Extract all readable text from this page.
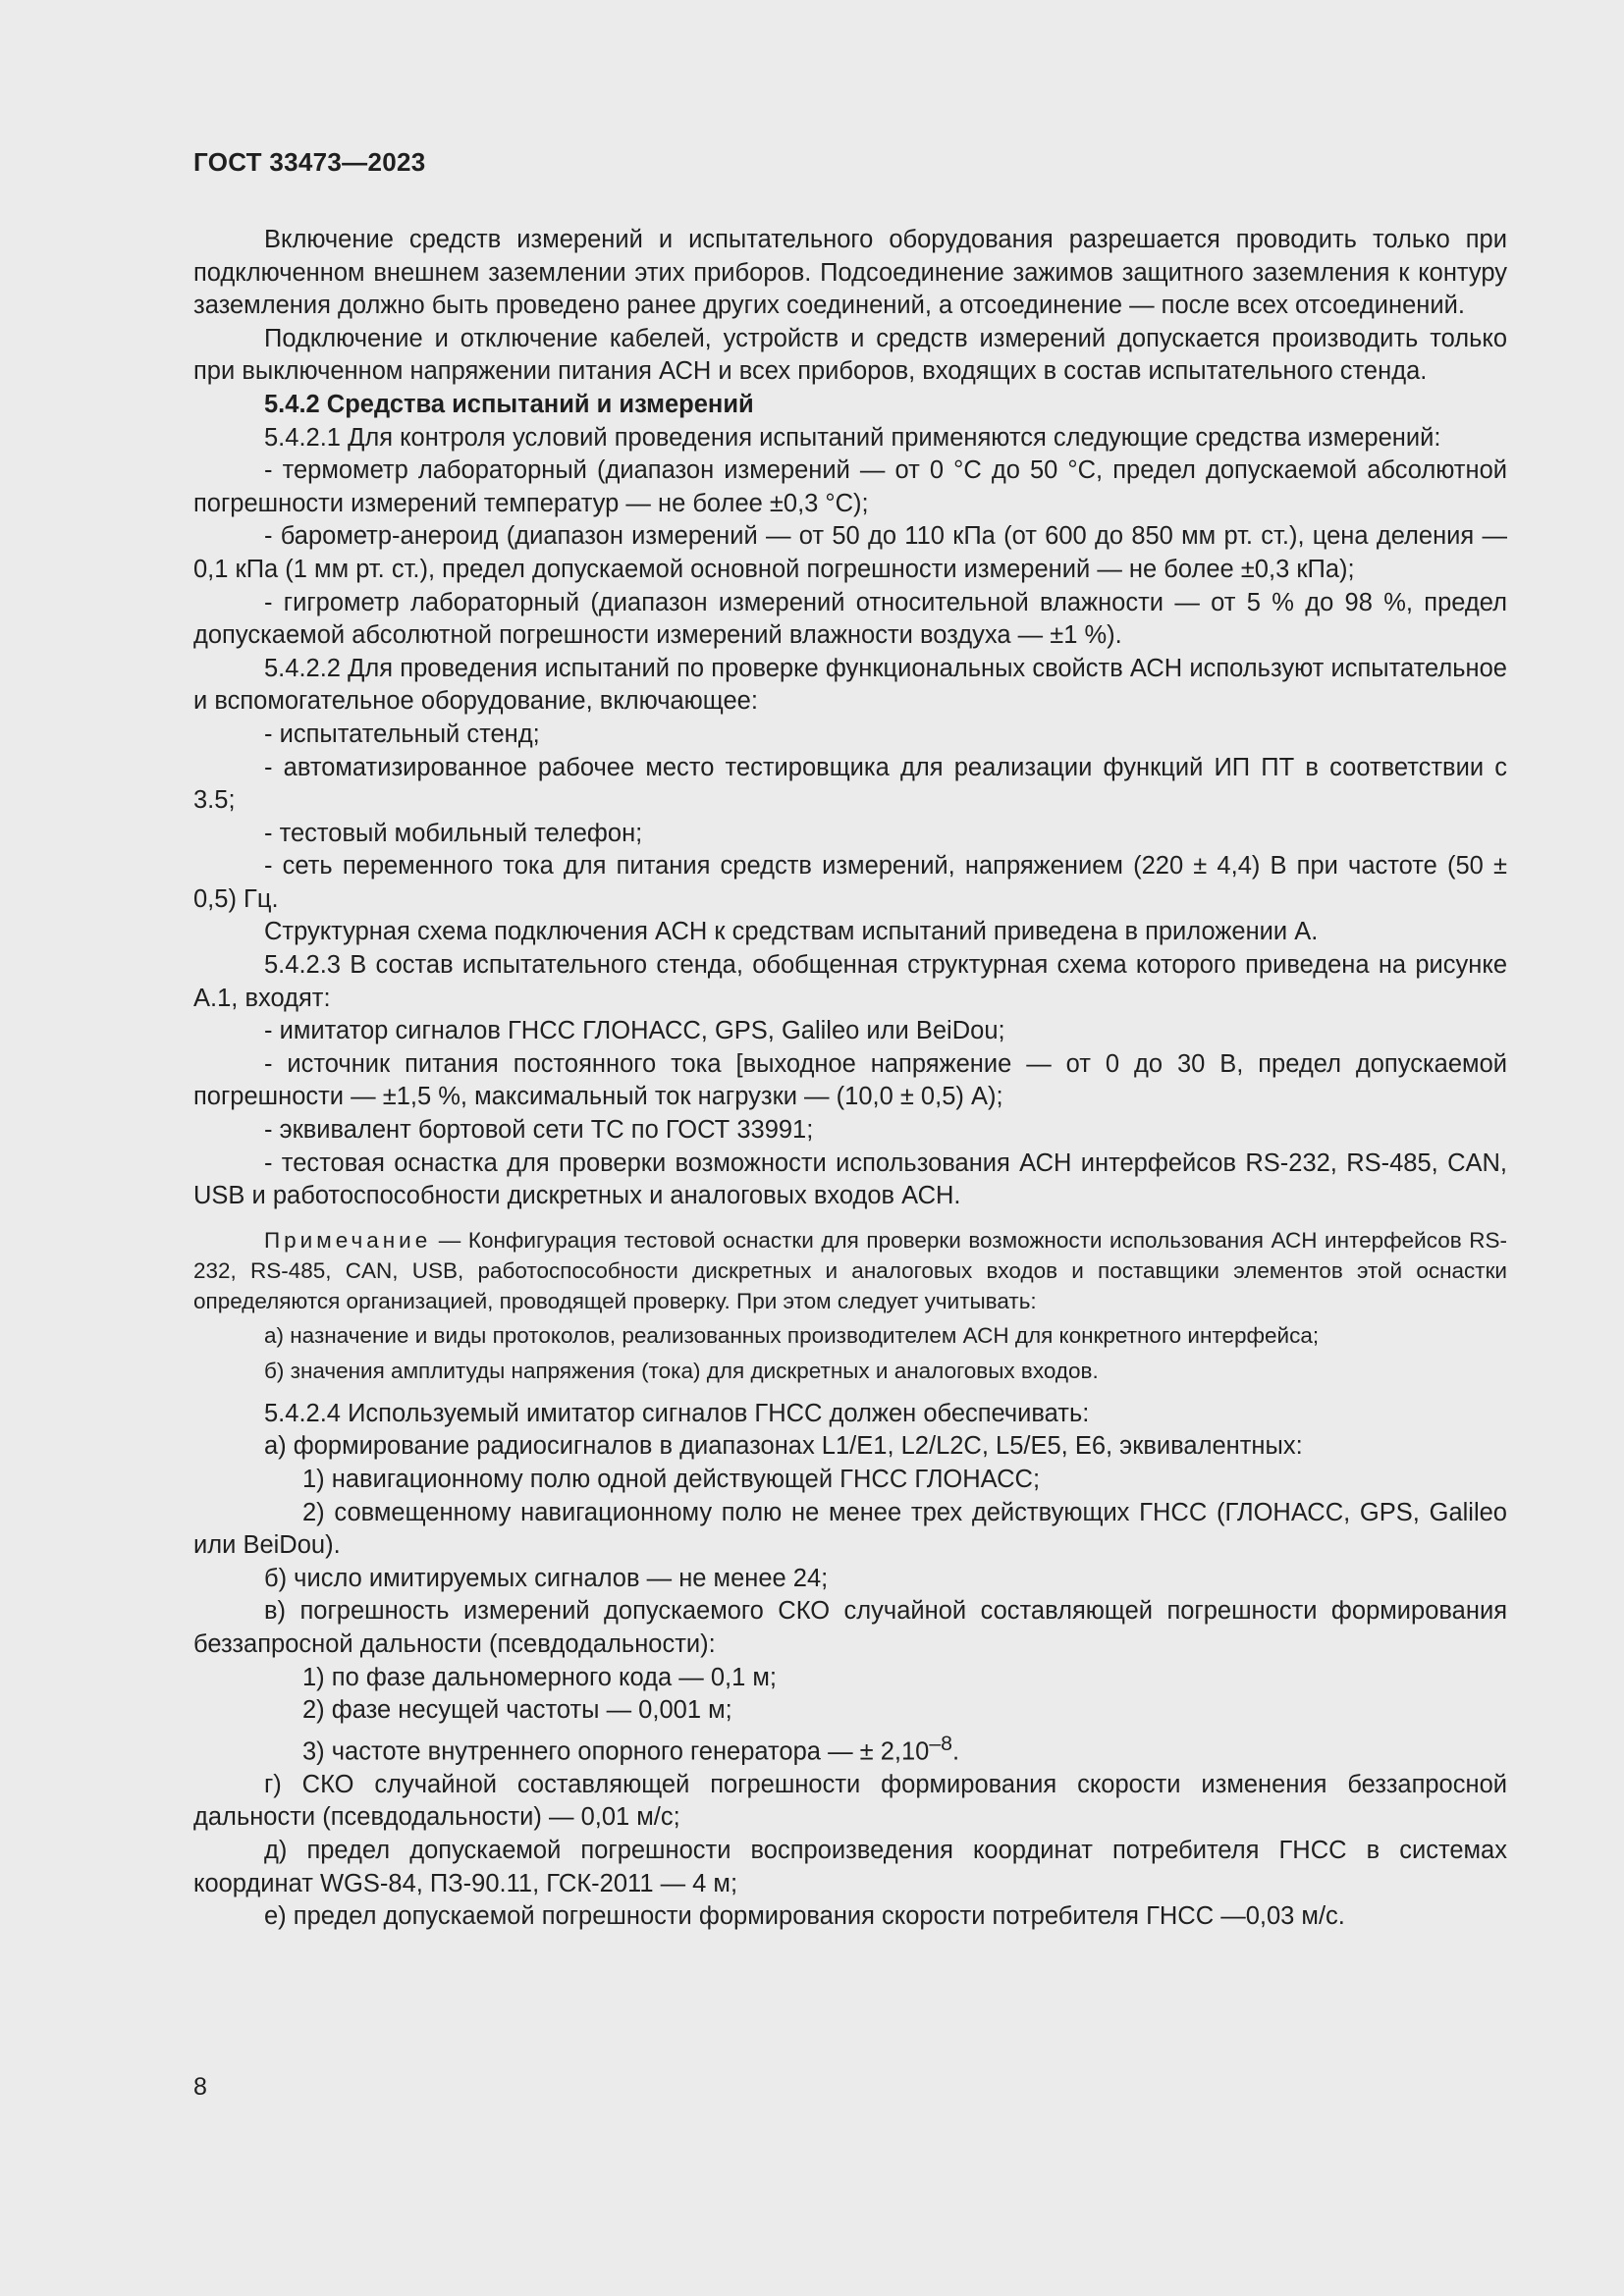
ГОСТ 33473—2023

Включение средств измерений и испытательного оборудования разрешается проводить только при подключенном внешнем заземлении этих приборов. Подсоединение зажимов защитного заземления к контуру заземления должно быть проведено ранее других соединений, а отсоединение — после всех отсоединений.

Подключение и отключение кабелей, устройств и средств измерений допускается производить только при выключенном напряжении питания АСН и всех приборов, входящих в состав испытательного стенда.

5.4.2 Средства испытаний и измерений

5.4.2.1 Для контроля условий проведения испытаний применяются следующие средства измерений:

- термометр лабораторный (диапазон измерений — от 0 °С до 50 °С, предел допускаемой абсолютной погрешности измерений температур — не более ±0,3 °С);

- барометр-анероид (диапазон измерений — от 50 до 110 кПа (от 600 до 850 мм рт. ст.), цена деления — 0,1 кПа (1 мм рт. ст.), предел допускаемой основной погрешности измерений — не более ±0,3 кПа);

- гигрометр лабораторный (диапазон измерений относительной влажности — от 5 % до 98 %, предел допускаемой абсолютной погрешности измерений влажности воздуха — ±1 %).

5.4.2.2 Для проведения испытаний по проверке функциональных свойств АСН используют испытательное и вспомогательное оборудование, включающее:

- испытательный стенд;

- автоматизированное рабочее место тестировщика для реализации функций ИП ПТ в соответствии с 3.5;

- тестовый мобильный телефон;

- сеть переменного тока для питания средств измерений, напряжением (220 ± 4,4) В при частоте (50 ± 0,5) Гц.

Структурная схема подключения АСН к средствам испытаний приведена в приложении А.

5.4.2.3 В состав испытательного стенда, обобщенная структурная схема которого приведена на рисунке А.1, входят:

- имитатор сигналов ГНСС ГЛОНАСС, GPS, Galileo или BeiDou;

- источник питания постоянного тока [выходное напряжение — от 0 до 30 В, предел допускаемой погрешности — ±1,5 %, максимальный ток нагрузки — (10,0 ± 0,5) А);

- эквивалент бортовой сети ТС по ГОСТ 33991;

- тестовая оснастка для проверки возможности использования АСН интерфейсов RS-232, RS-485, CAN, USB и работоспособности дискретных и аналоговых входов АСН.

Примечание — Конфигурация тестовой оснастки для проверки возможности использования АСН интерфейсов RS-232, RS-485, CAN, USB, работоспособности дискретных и аналоговых входов и поставщики элементов этой оснастки определяются организацией, проводящей проверку. При этом следует учитывать:

а) назначение и виды протоколов, реализованных производителем АСН для конкретного интерфейса;

б) значения амплитуды напряжения (тока) для дискретных и аналоговых входов.

5.4.2.4 Используемый имитатор сигналов ГНСС должен обеспечивать:

а) формирование радиосигналов в диапазонах L1/E1, L2/L2C, L5/E5, E6, эквивалентных:

1) навигационному полю одной действующей ГНСС ГЛОНАСС;

2) совмещенному навигационному полю не менее трех действующих ГНСС (ГЛОНАСС, GPS, Galileo или BeiDou).

б) число имитируемых сигналов — не менее 24;

в) погрешность измерений допускаемого СКО случайной составляющей погрешности формирования беззапросной дальности (псевдодальности):

1) по фазе дальномерного кода — 0,1 м;

2) фазе несущей частоты — 0,001 м;

3) частоте внутреннего опорного генератора — ± $2,10^{-8}$.

г) СКО случайной составляющей погрешности формирования скорости изменения беззапросной дальности (псевдодальности) — 0,01 м/с;

д) предел допускаемой погрешности воспроизведения координат потребителя ГНСС в системах координат WGS-84, ПЗ-90.11, ГСК-2011 — 4 м;

е) предел допускаемой погрешности формирования скорости потребителя ГНСС —0,03 м/с.

8
